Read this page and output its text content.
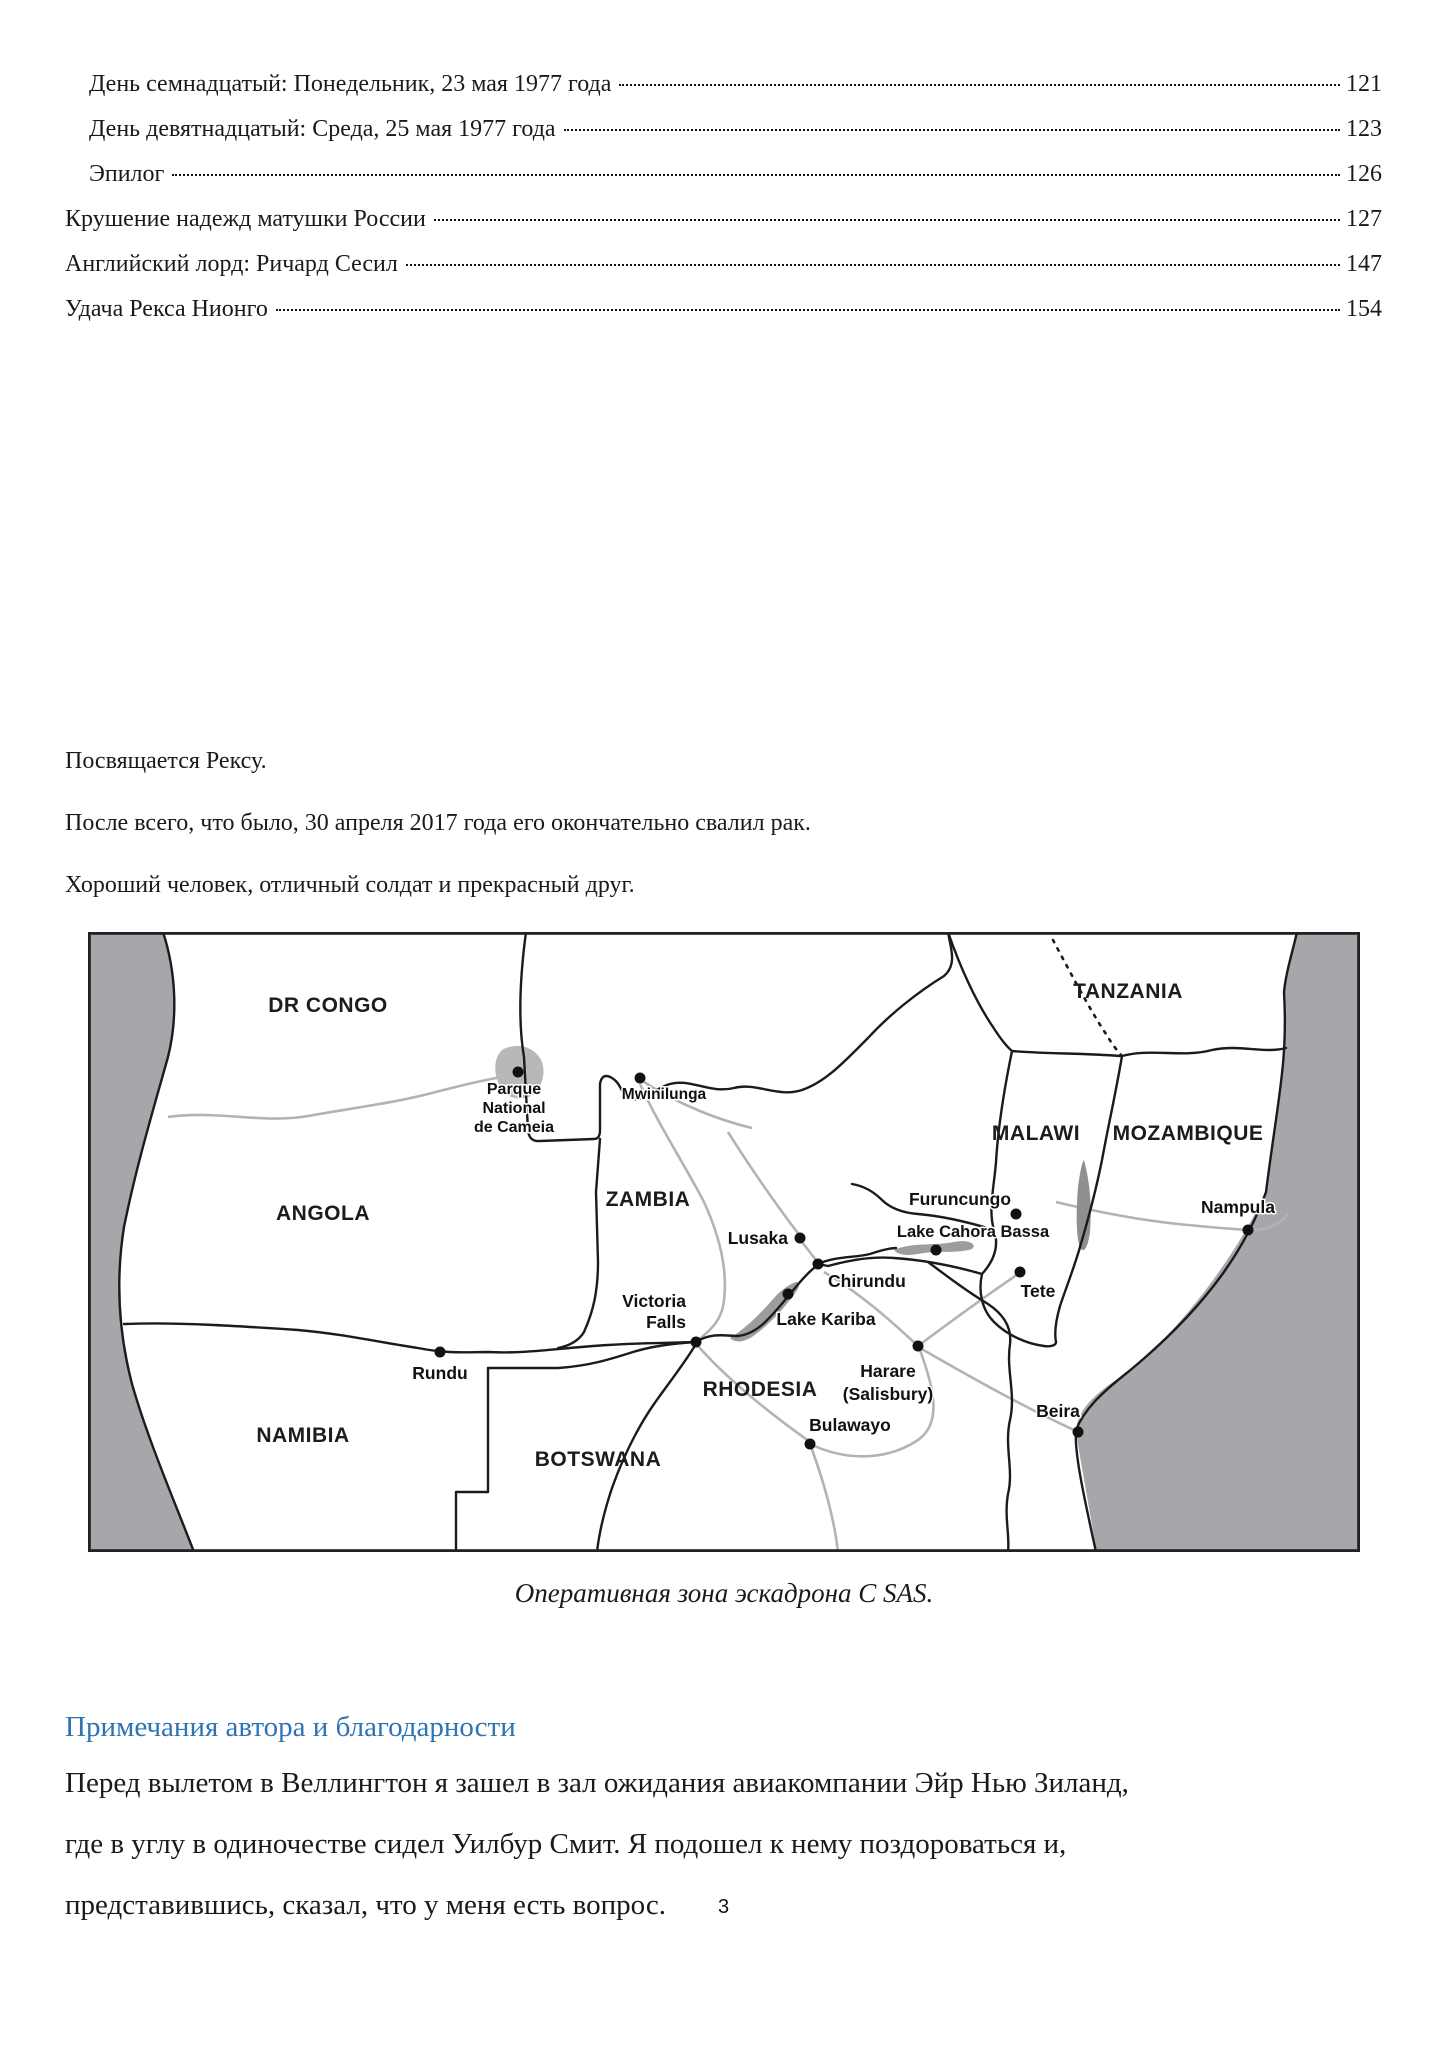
День семнадцатый: Понедельник, 23 мая 1977 года	121
День девятнадцатый: Среда, 25 мая 1977 года	123
Эпилог	126
Крушение надежд матушки России	127
Английский лорд: Ричард Сесил	147
Удача Рекса Нионго	154
Посвящается Рексу.
После всего, что было, 30 апреля 2017 года его окончательно свалил рак.
Хороший человек, отличный солдат и прекрасный друг.
DR CONGO
TANZANIA
ANGOLA
ZAMBIA
MALAWI MOZAMBIQUE
NAMIBIA
BOTSWANA
RHODESIA
Parque National de Cameia
Mwinilunga
Lusaka
Chirundu
Victoria Falls	Lake Kariba
Rundu
Furuncungo
Lake Cahora Bassa
Tete
Harare (Salisbury)
Bulawayo
Beira
Nampula
Оперативная зона эскадрона C SAS.
Примечания автора и благодарности
Перед вылетом в Веллингтон я зашел в зал ожидания авиакомпании Эйр Нью Зиланд,
где в углу в одиночестве сидел Уилбур Смит. Я подошел к нему поздороваться и,
представившись, сказал, что у меня есть вопрос.	3
